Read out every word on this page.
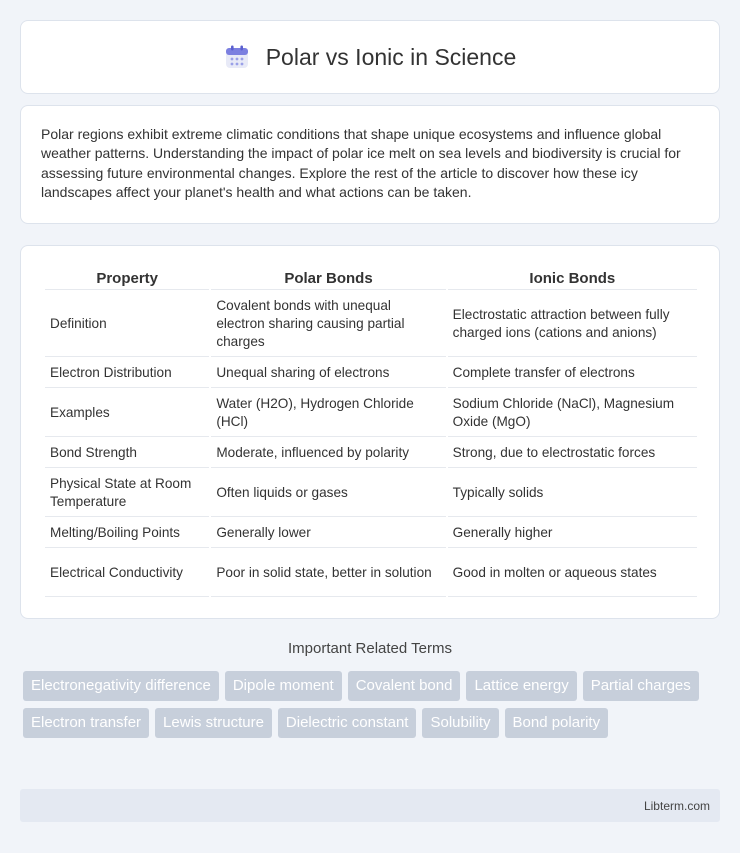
Polar vs Ionic in Science

Polar regions exhibit extreme climatic conditions that shape unique ecosystems and influence global weather patterns. Understanding the impact of polar ice melt on sea levels and biodiversity is crucial for assessing future environmental changes. Explore the rest of the article to discover how these icy landscapes affect your planet's health and what actions can be taken.

Property	Polar Bonds	Ionic Bonds
Definition	Covalent bonds with unequal electron sharing causing partial charges	Electrostatic attraction between fully charged ions (cations and anions)
Electron Distribution	Unequal sharing of electrons	Complete transfer of electrons
Examples	Water (H2O), Hydrogen Chloride (HCl)	Sodium Chloride (NaCl), Magnesium Oxide (MgO)
Bond Strength	Moderate, influenced by polarity	Strong, due to electrostatic forces
Physical State at Room Temperature	Often liquids or gases	Typically solids
Melting/Boiling Points	Generally lower	Generally higher
Electrical Conductivity	Poor in solid state, better in solution	Good in molten or aqueous states
Important Related Terms
Electronegativity difference	Dipole moment	Covalent bond	Lattice energy	Partial charges
Electron transfer	Lewis structure	Dielectric constant	Solubility	Bond polarity
Libterm.com
